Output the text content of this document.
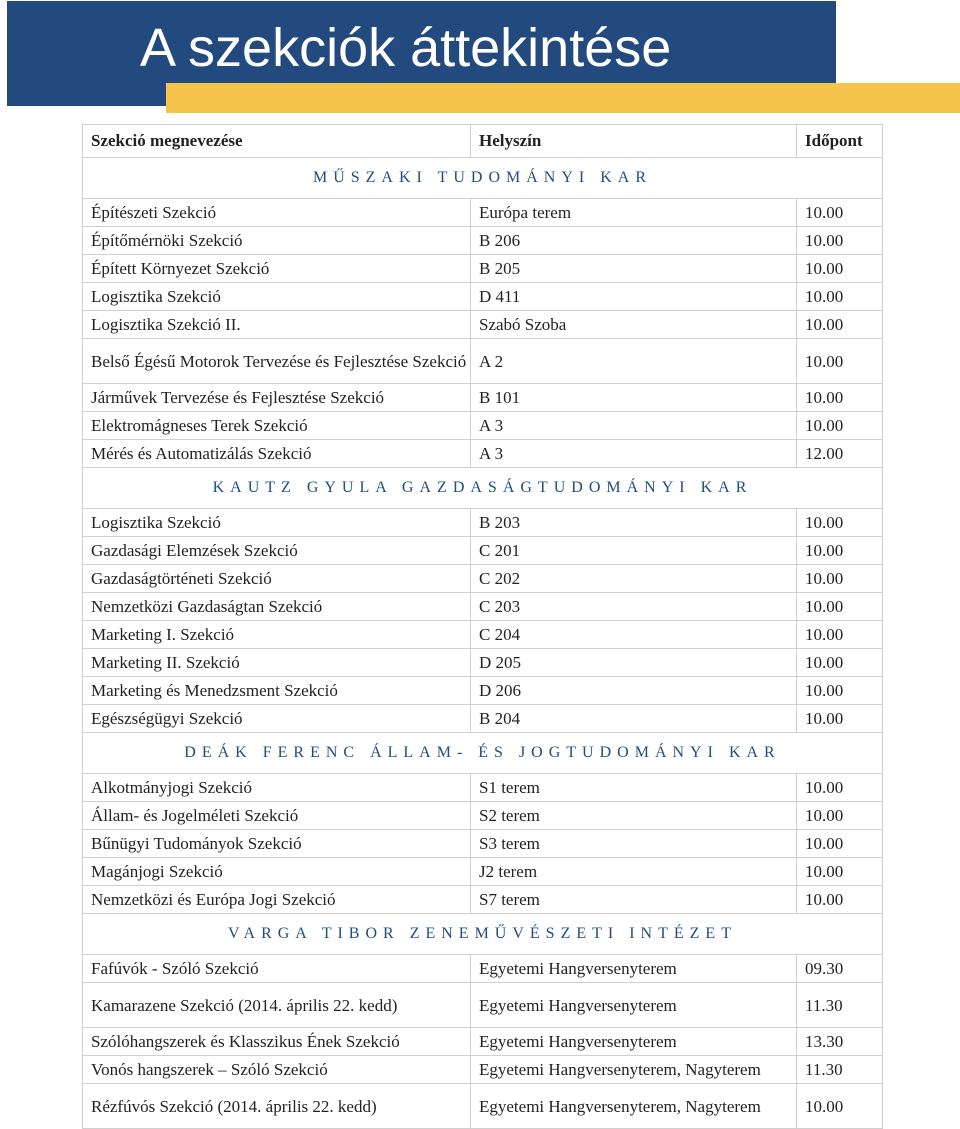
A szekciók áttekintése
Szekció megnevezése	Helyszín	Időpont
MŰSZAKI TUDOMÁNYI KAR		
Építészeti Szekció	Európa terem	10.00
Építőmérnöki Szekció	B 206	10.00
Épített Környezet Szekció	B 205	10.00
Logisztika Szekció	D 411	10.00
Logisztika Szekció II.	Szabó Szoba	10.00
Belső Égésű Motorok Tervezése és Fejlesztése Szekció	A 2	10.00
Járművek Tervezése és Fejlesztése Szekció	B 101	10.00
Elektromágneses Terek Szekció	A 3	10.00
Mérés és Automatizálás Szekció	A 3	12.00
KAUTZ GYULA GAZDASÁGTUDOMÁNYI KAR		
Logisztika Szekció	B 203	10.00
Gazdasági Elemzések Szekció	C 201	10.00
Gazdaságtörténeti Szekció	C 202	10.00
Nemzetközi Gazdaságtan Szekció	C 203	10.00
Marketing I. Szekció	C 204	10.00
Marketing II. Szekció	D 205	10.00
Marketing és Menedzsment Szekció	D 206	10.00
Egészségügyi Szekció	B 204	10.00
DEÁK FERENC ÁLLAM- ÉS JOGTUDOMÁNYI KAR		
Alkotmányjogi Szekció	S1 terem	10.00
Állam- és Jogelméleti Szekció	S2 terem	10.00
Bűnügyi Tudományok Szekció	S3 terem	10.00
Magánjogi Szekció	J2 terem	10.00
Nemzetközi és Európa Jogi Szekció	S7 terem	10.00
VARGA TIBOR ZENEMŰVÉSZETI INTÉZET		
Fafúvók - Szóló Szekció	Egyetemi Hangversenyterem	09.30
Kamarazene Szekció (2014. április 22. kedd)	Egyetemi Hangversenyterem	11.30
Szólóhangszerek és Klasszikus Ének Szekció	Egyetemi Hangversenyterem	13.30
Vonós hangszerek – Szóló Szekció	Egyetemi Hangversenyterem, Nagyterem	11.30
Rézfúvós Szekció (2014. április 22. kedd)	Egyetemi Hangversenyterem, Nagyterem	10.00
